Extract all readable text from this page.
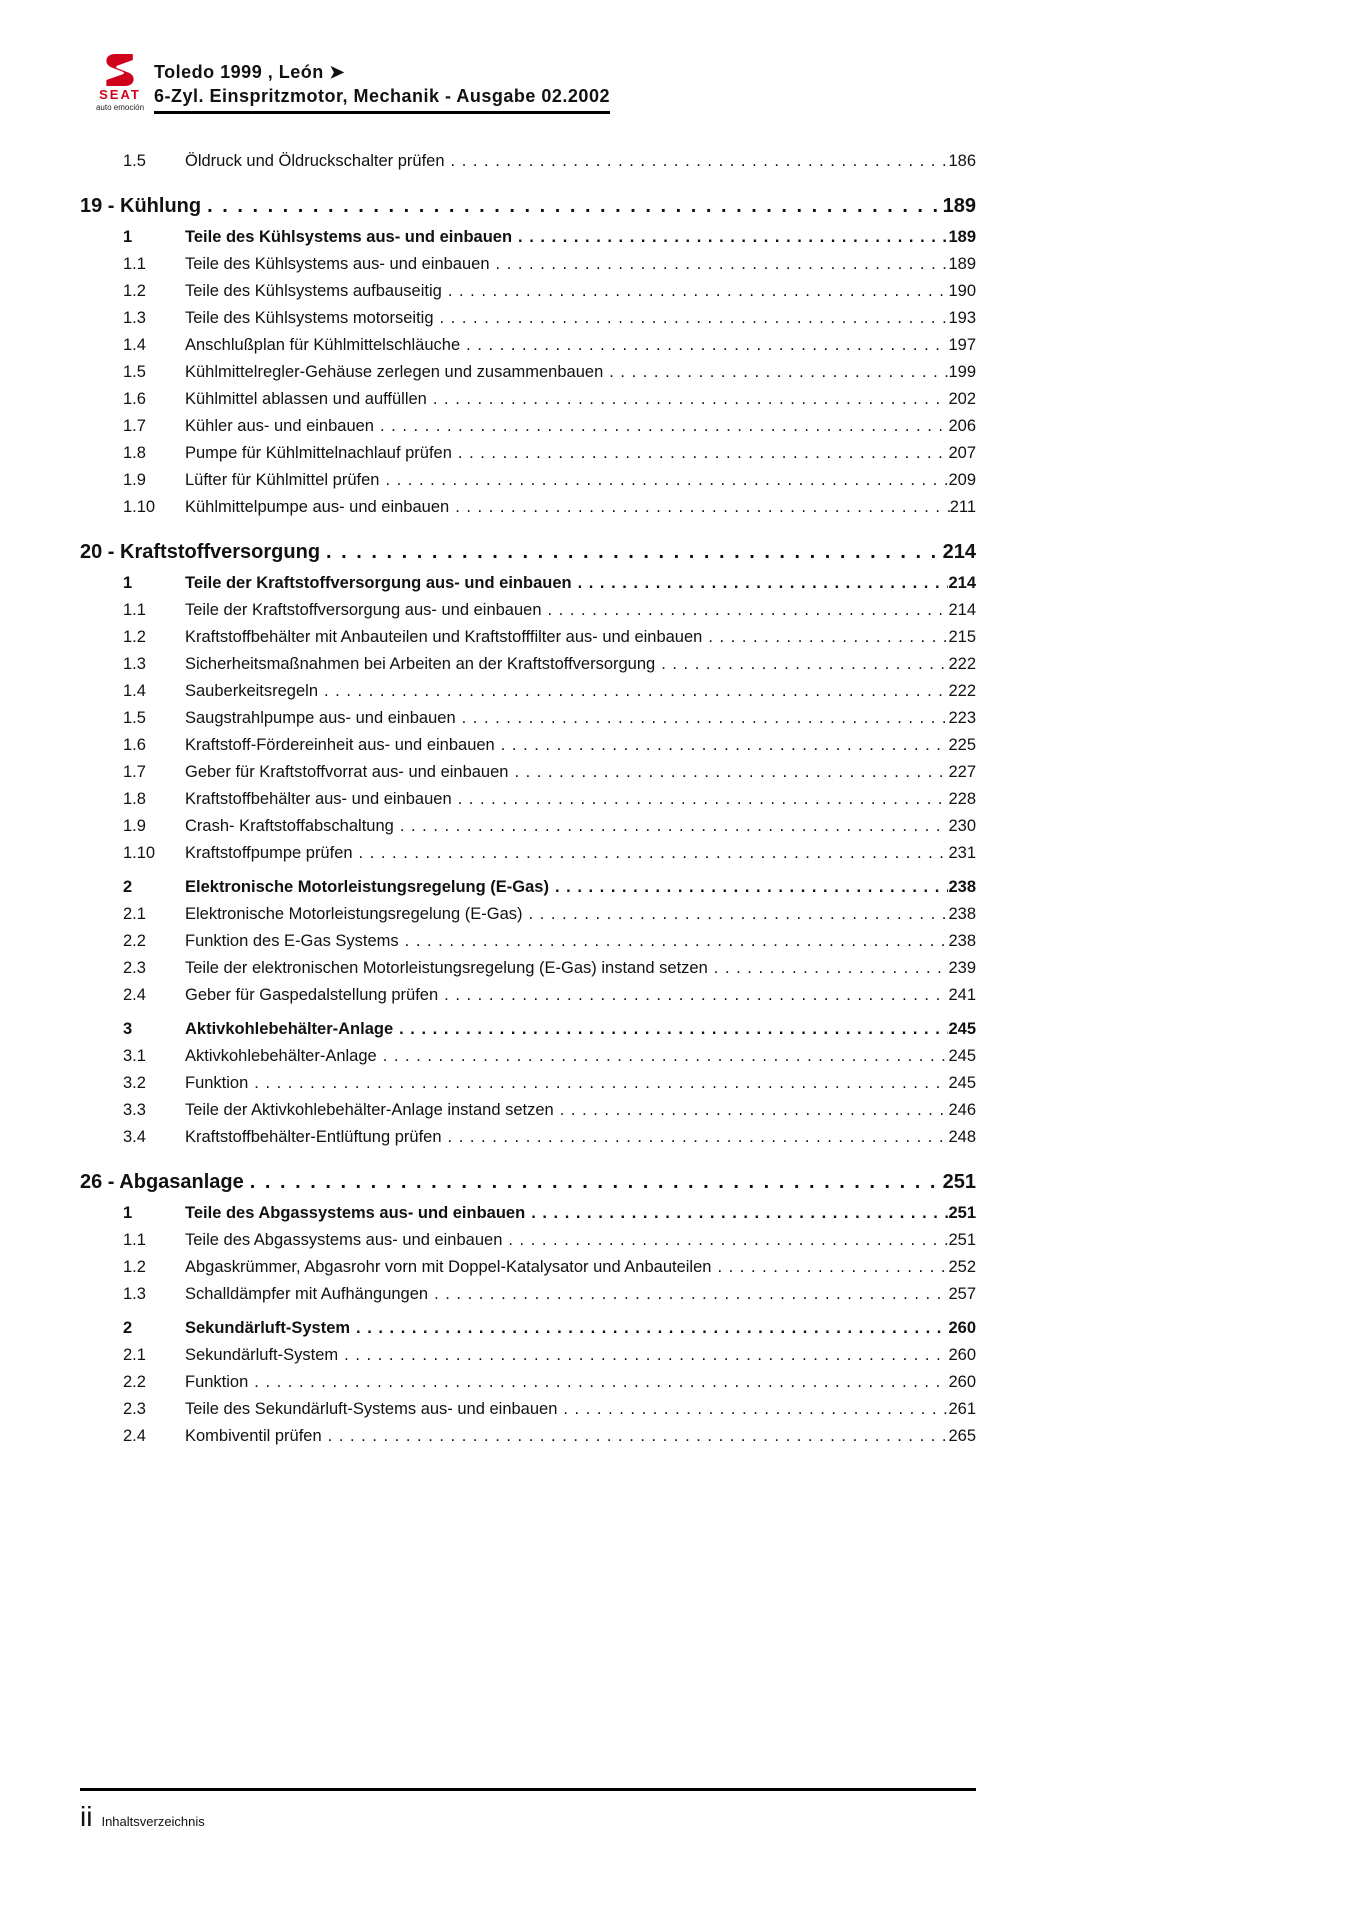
SEAT
auto emoción
Toledo 1999 , León ➤
6-Zyl. Einspritzmotor, Mechanik - Ausgabe 02.2002
1.5	Öldruck und Öldruckschalter prüfen . . .	186
19 - Kühlung . . .	189
1	Teile des Kühlsystems aus- und einbauen . . .	189
1.1	Teile des Kühlsystems aus- und einbauen . . .	189
1.2	Teile des Kühlsystems aufbauseitig . . .	190
1.3	Teile des Kühlsystems motorseitig . . .	193
1.4	Anschlußplan für Kühlmittelschläuche . . .	197
1.5	Kühlmittelregler-Gehäuse zerlegen und zusammenbauen . . .	199
1.6	Kühlmittel ablassen und auffüllen . . .	202
1.7	Kühler aus- und einbauen . . .	206
1.8	Pumpe für Kühlmittelnachlauf prüfen . . .	207
1.9	Lüfter für Kühlmittel prüfen . . .	209
1.10	Kühlmittelpumpe aus- und einbauen . . .	211
20 - Kraftstoffversorgung . . .	214
1	Teile der Kraftstoffversorgung aus- und einbauen . . .	214
1.1	Teile der Kraftstoffversorgung aus- und einbauen . . .	214
1.2	Kraftstoffbehälter mit Anbauteilen und Kraftstofffilter aus- und einbauen . . .	215
1.3	Sicherheitsmaßnahmen bei Arbeiten an der Kraftstoffversorgung . . .	222
1.4	Sauberkeitsregeln . . .	222
1.5	Saugstrahlpumpe aus- und einbauen . . .	223
1.6	Kraftstoff-Fördereinheit aus- und einbauen . . .	225
1.7	Geber für Kraftstoffvorrat aus- und einbauen . . .	227
1.8	Kraftstoffbehälter aus- und einbauen . . .	228
1.9	Crash- Kraftstoffabschaltung . . .	230
1.10	Kraftstoffpumpe prüfen . . .	231
2	Elektronische Motorleistungsregelung (E-Gas) . . .	238
2.1	Elektronische Motorleistungsregelung (E-Gas) . . .	238
2.2	Funktion des E-Gas Systems . . .	238
2.3	Teile der elektronischen Motorleistungsregelung (E-Gas) instand setzen . . .	239
2.4	Geber für Gaspedalstellung prüfen . . .	241
3	Aktivkohlebehälter-Anlage . . .	245
3.1	Aktivkohlebehälter-Anlage . . .	245
3.2	Funktion . . .	245
3.3	Teile der Aktivkohlebehälter-Anlage instand setzen . . .	246
3.4	Kraftstoffbehälter-Entlüftung prüfen . . .	248
26 - Abgasanlage . . .	251
1	Teile des Abgassystems aus- und einbauen . . .	251
1.1	Teile des Abgassystems aus- und einbauen . . .	251
1.2	Abgaskrümmer, Abgasrohr vorn mit Doppel-Katalysator und Anbauteilen . . .	252
1.3	Schalldämpfer mit Aufhängungen . . .	257
2	Sekundärluft-System . . .	260
2.1	Sekundärluft-System . . .	260
2.2	Funktion . . .	260
2.3	Teile des Sekundärluft-Systems aus- und einbauen . . .	261
2.4	Kombiventil prüfen . . .	265
ii Inhaltsverzeichnis
